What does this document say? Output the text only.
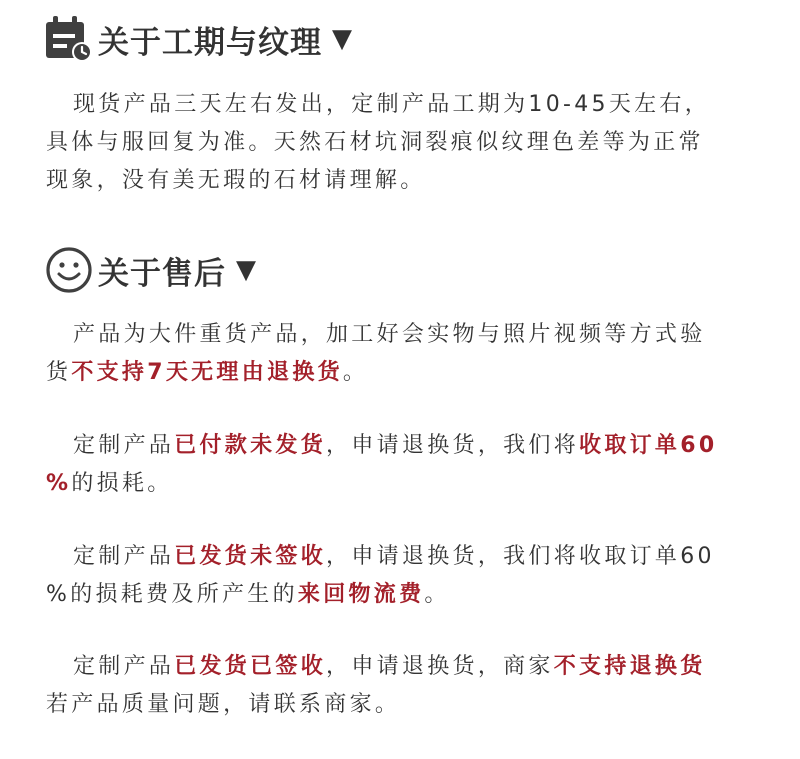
关于工期与纹理 ▼
现货产品三天左右发出，定制产品工期为10-45天左右，
具体与服回复为准。天然石材坑洞裂痕似纹理色差等为正常
现象，没有美无瑕的石材请理解。
关于售后 ▼
产品为大件重货产品，加工好会实物与照片视频等方式验
货不支持7天无理由退换货。
定制产品已付款未发货，申请退换货，我们将收取订单60
%的损耗。
定制产品已发货未签收，申请退换货，我们将收取订单60
%的损耗费及所产生的来回物流费。
定制产品已发货已签收，申请退换货，商家不支持退换货
若产品质量问题，请联系商家。
